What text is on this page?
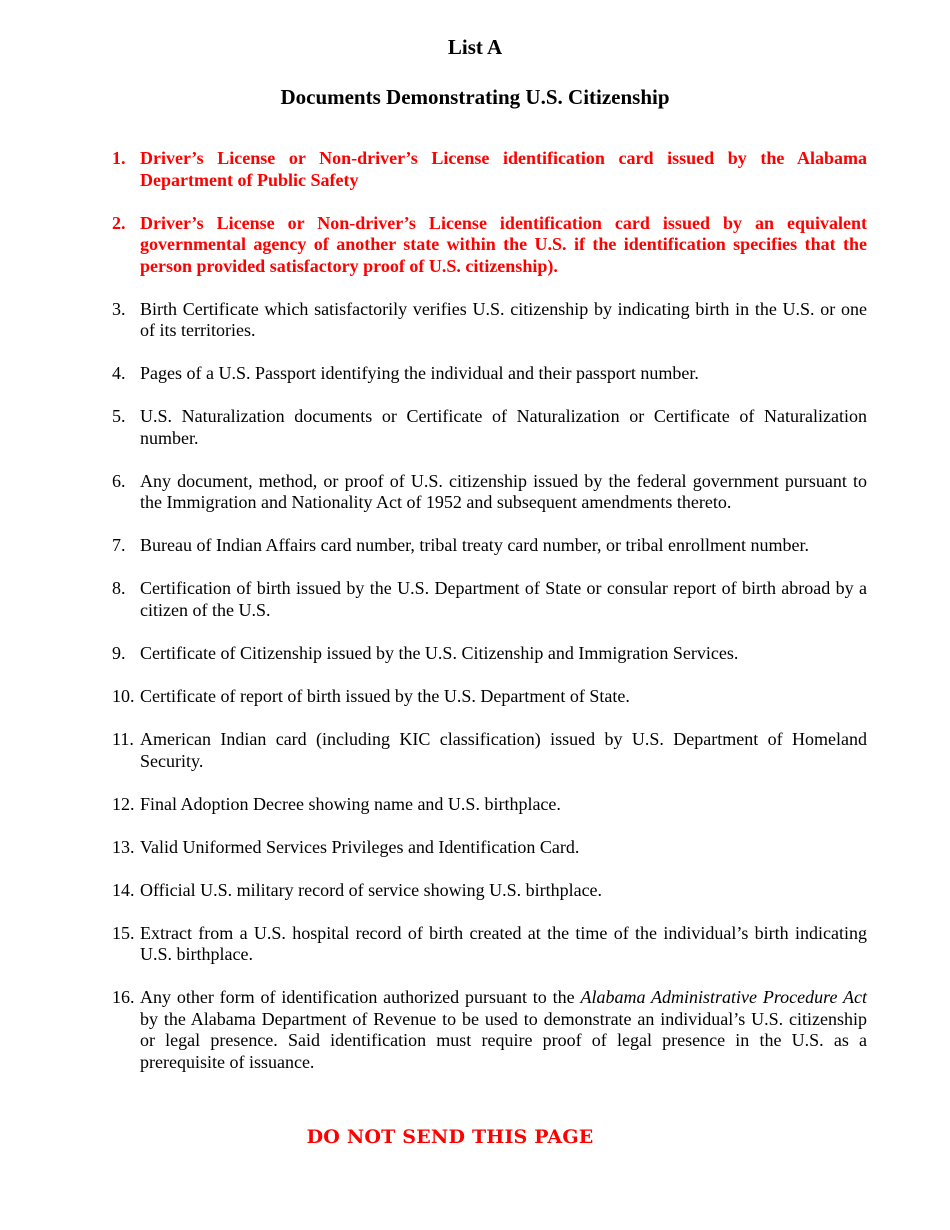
List A
Documents Demonstrating U.S. Citizenship
1. Driver’s License or Non-driver’s License identification card issued by the Alabama Department of Public Safety
2. Driver’s License or Non-driver’s License identification card issued by an equivalent governmental agency of another state within the U.S. if the identification specifies that the person provided satisfactory proof of U.S. citizenship).
3. Birth Certificate which satisfactorily verifies U.S. citizenship by indicating birth in the U.S. or one of its territories.
4. Pages of a U.S. Passport identifying the individual and their passport number.
5. U.S. Naturalization documents or Certificate of Naturalization or Certificate of Naturalization number.
6. Any document, method, or proof of U.S. citizenship issued by the federal government pursuant to the Immigration and Nationality Act of 1952 and subsequent amendments thereto.
7. Bureau of Indian Affairs card number, tribal treaty card number, or tribal enrollment number.
8. Certification of birth issued by the U.S. Department of State or consular report of birth abroad by a citizen of the U.S.
9. Certificate of Citizenship issued by the U.S. Citizenship and Immigration Services.
10. Certificate of report of birth issued by the U.S. Department of State.
11. American Indian card (including KIC classification) issued by U.S. Department of Homeland Security.
12. Final Adoption Decree showing name and U.S. birthplace.
13. Valid Uniformed Services Privileges and Identification Card.
14. Official U.S. military record of service showing U.S. birthplace.
15. Extract from a U.S. hospital record of birth created at the time of the individual’s birth indicating U.S. birthplace.
16. Any other form of identification authorized pursuant to the Alabama Administrative Procedure Act by the Alabama Department of Revenue to be used to demonstrate an individual’s U.S. citizenship or legal presence. Said identification must require proof of legal presence in the U.S. as a prerequisite of issuance.

DO NOT SEND THIS PAGE
